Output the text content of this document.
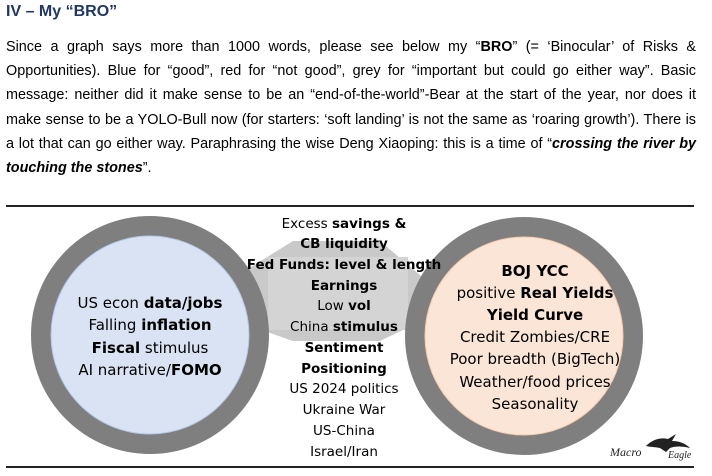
IV – My “BRO”

Since a graph says more than 1000 words, please see below my “BRO” (= ‘Binocular’ of Risks & Opportunities). Blue for “good”, red for “not good”, grey for “important but could go either way”. Basic message: neither did it make sense to be an “end-of-the-world”-Bear at the start of the year, nor does it make sense to be a YOLO-Bull now (for starters: ‘soft landing’ is not the same as ‘roaring growth’). There is a lot that can go either way. Paraphrasing the wise Deng Xiaoping: this is a time of “crossing the river by touching the stones”.

US econ data/jobs
Falling inflation
Fiscal stimulus
AI narrative/FOMO
Excess savings &
CB liquidity
Fed Funds: level & length
Earnings
Low vol
China stimulus
Sentiment
Positioning
US 2024 politics
Ukraine War
US-China
Israel/Iran
BOJ YCC
positive Real Yields
Yield Curve
Credit Zombies/CRE
Poor breadth (BigTech)
Weather/food prices
Seasonality
Macro	Eagle
